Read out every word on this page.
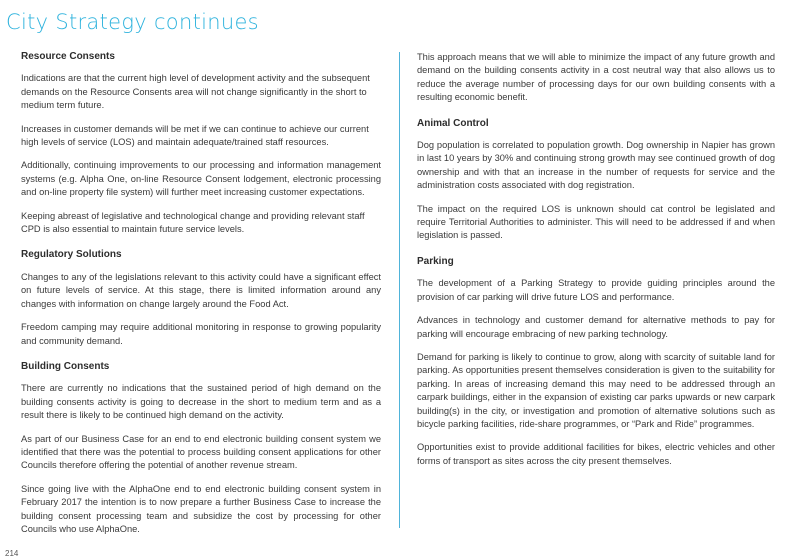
City Strategy continues
Resource Consents

Indications are that the current high level of development activity and the subsequent demands on the Resource Consents area will not change significantly in the short to medium term future.

Increases in customer demands will be met if we can continue to achieve our current high levels of service (LOS) and maintain adequate/trained staff resources.

Additionally, continuing improvements to our processing and information management systems (e.g. Alpha One, on-line Resource Consent lodgement, electronic processing and on-line property file system) will further meet increasing customer expectations.

Keeping abreast of legislative and technological change and providing relevant staff CPD is also essential to maintain future service levels.

Regulatory Solutions

Changes to any of the legislations relevant to this activity could have a significant effect on future levels of service. At this stage, there is limited information around any changes with information on change largely around the Food Act.

Freedom camping may require additional monitoring in response to growing popularity and community demand.

Building Consents

There are currently no indications that the sustained period of high demand on the building consents activity is going to decrease in the short to medium term and as a result there is likely to be continued high demand on the activity.

As part of our Business Case for an end to end electronic building consent system we identified that there was the potential to process building consent applications for other Councils therefore offering the potential of another revenue stream.

Since going live with the AlphaOne end to end electronic building consent system in February 2017 the intention is to now prepare a further Business Case to increase the building consent processing team and subsidize the cost by processing for other Councils who use AlphaOne.

This approach means that we will able to minimize the impact of any future growth and demand on the building consents activity in a cost neutral way that also allows us to reduce the average number of processing days for our own building consents with a resulting economic benefit.

Animal Control

Dog population is correlated to population growth. Dog ownership in Napier has grown in last 10 years by 30% and continuing strong growth may see continued growth of dog ownership and with that an increase in the number of requests for service and the administration costs associated with dog registration.

The impact on the required LOS is unknown should cat control be legislated and require Territorial Authorities to administer. This will need to be addressed if and when legislation is passed.

Parking

The development of a Parking Strategy to provide guiding principles around the provision of car parking will drive future LOS and performance.

Advances in technology and customer demand for alternative methods to pay for parking will encourage embracing of new parking technology.

Demand for parking is likely to continue to grow, along with scarcity of suitable land for parking. As opportunities present themselves consideration is given to the suitability for parking. In areas of increasing demand this may need to be addressed through an carpark buildings, either in the expansion of existing car parks upwards or new carpark building(s) in the city, or investigation and promotion of alternative solutions such as bicycle parking facilities, ride-share programmes, or “Park and Ride” programmes.

Opportunities exist to provide additional facilities for bikes, electric vehicles and other forms of transport as sites across the city present themselves.

214
